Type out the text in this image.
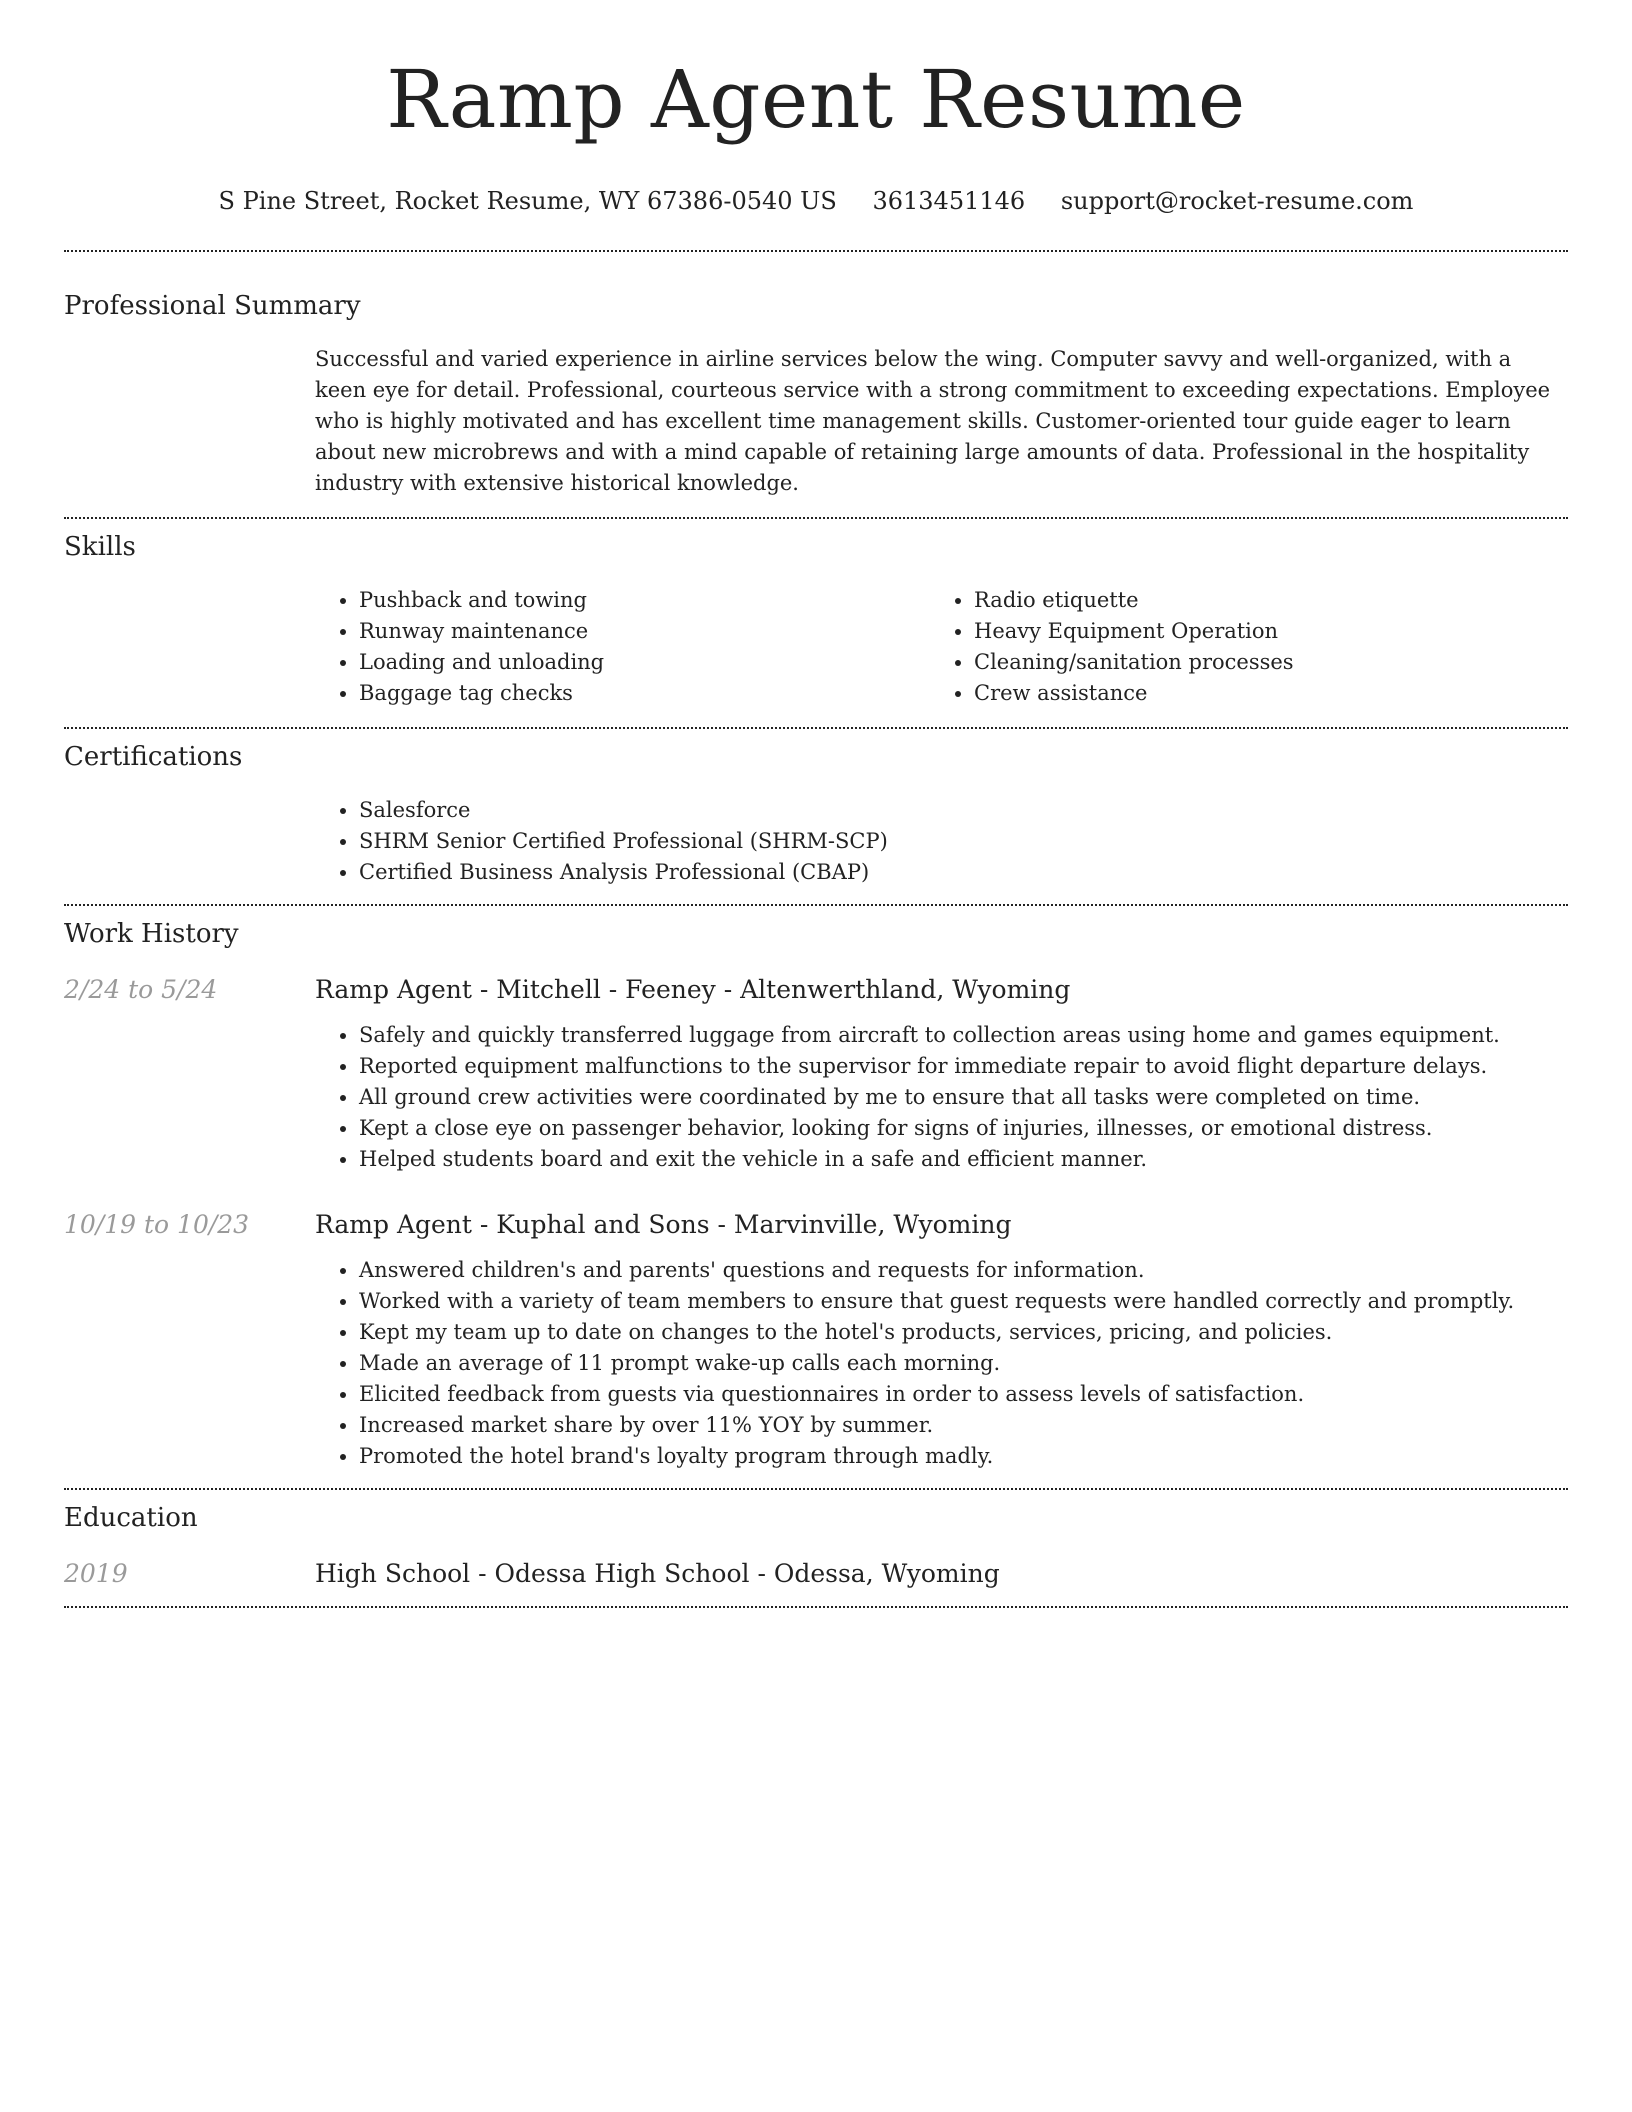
Ramp Agent Resume
S Pine Street, Rocket Resume, WY 67386-0540 US 3613451146 support@rocket-resume.com
Professional Summary

Successful and varied experience in airline services below the wing. Computer savvy and well-organized, with a keen eye for detail. Professional, courteous service with a strong commitment to exceeding expectations. Employee who is highly motivated and has excellent time management skills. Customer-oriented tour guide eager to learn about new microbrews and with a mind capable of retaining large amounts of data. Professional in the hospitality industry with extensive historical knowledge.

Skills
• Pushback and towing
• Runway maintenance
• Loading and unloading
• Baggage tag checks
• Radio etiquette
• Heavy Equipment Operation
• Cleaning/sanitation processes
• Crew assistance
Certifications
• Salesforce
• SHRM Senior Certified Professional (SHRM-SCP)
• Certified Business Analysis Professional (CBAP)
Work History
2/24 to 5/24	Ramp Agent - Mitchell - Feeney - Altenwerthland, Wyoming
• Safely and quickly transferred luggage from aircraft to collection areas using home and games equipment.
• Reported equipment malfunctions to the supervisor for immediate repair to avoid flight departure delays.
• All ground crew activities were coordinated by me to ensure that all tasks were completed on time.
• Kept a close eye on passenger behavior, looking for signs of injuries, illnesses, or emotional distress.
• Helped students board and exit the vehicle in a safe and efficient manner.
10/19 to 10/23	Ramp Agent - Kuphal and Sons - Marvinville, Wyoming
• Answered children's and parents' questions and requests for information.
• Worked with a variety of team members to ensure that guest requests were handled correctly and promptly.
• Kept my team up to date on changes to the hotel's products, services, pricing, and policies.
• Made an average of 11 prompt wake-up calls each morning.
• Elicited feedback from guests via questionnaires in order to assess levels of satisfaction.
• Increased market share by over 11% YOY by summer.
• Promoted the hotel brand's loyalty program through madly.
Education
2019	High School - Odessa High School - Odessa, Wyoming
